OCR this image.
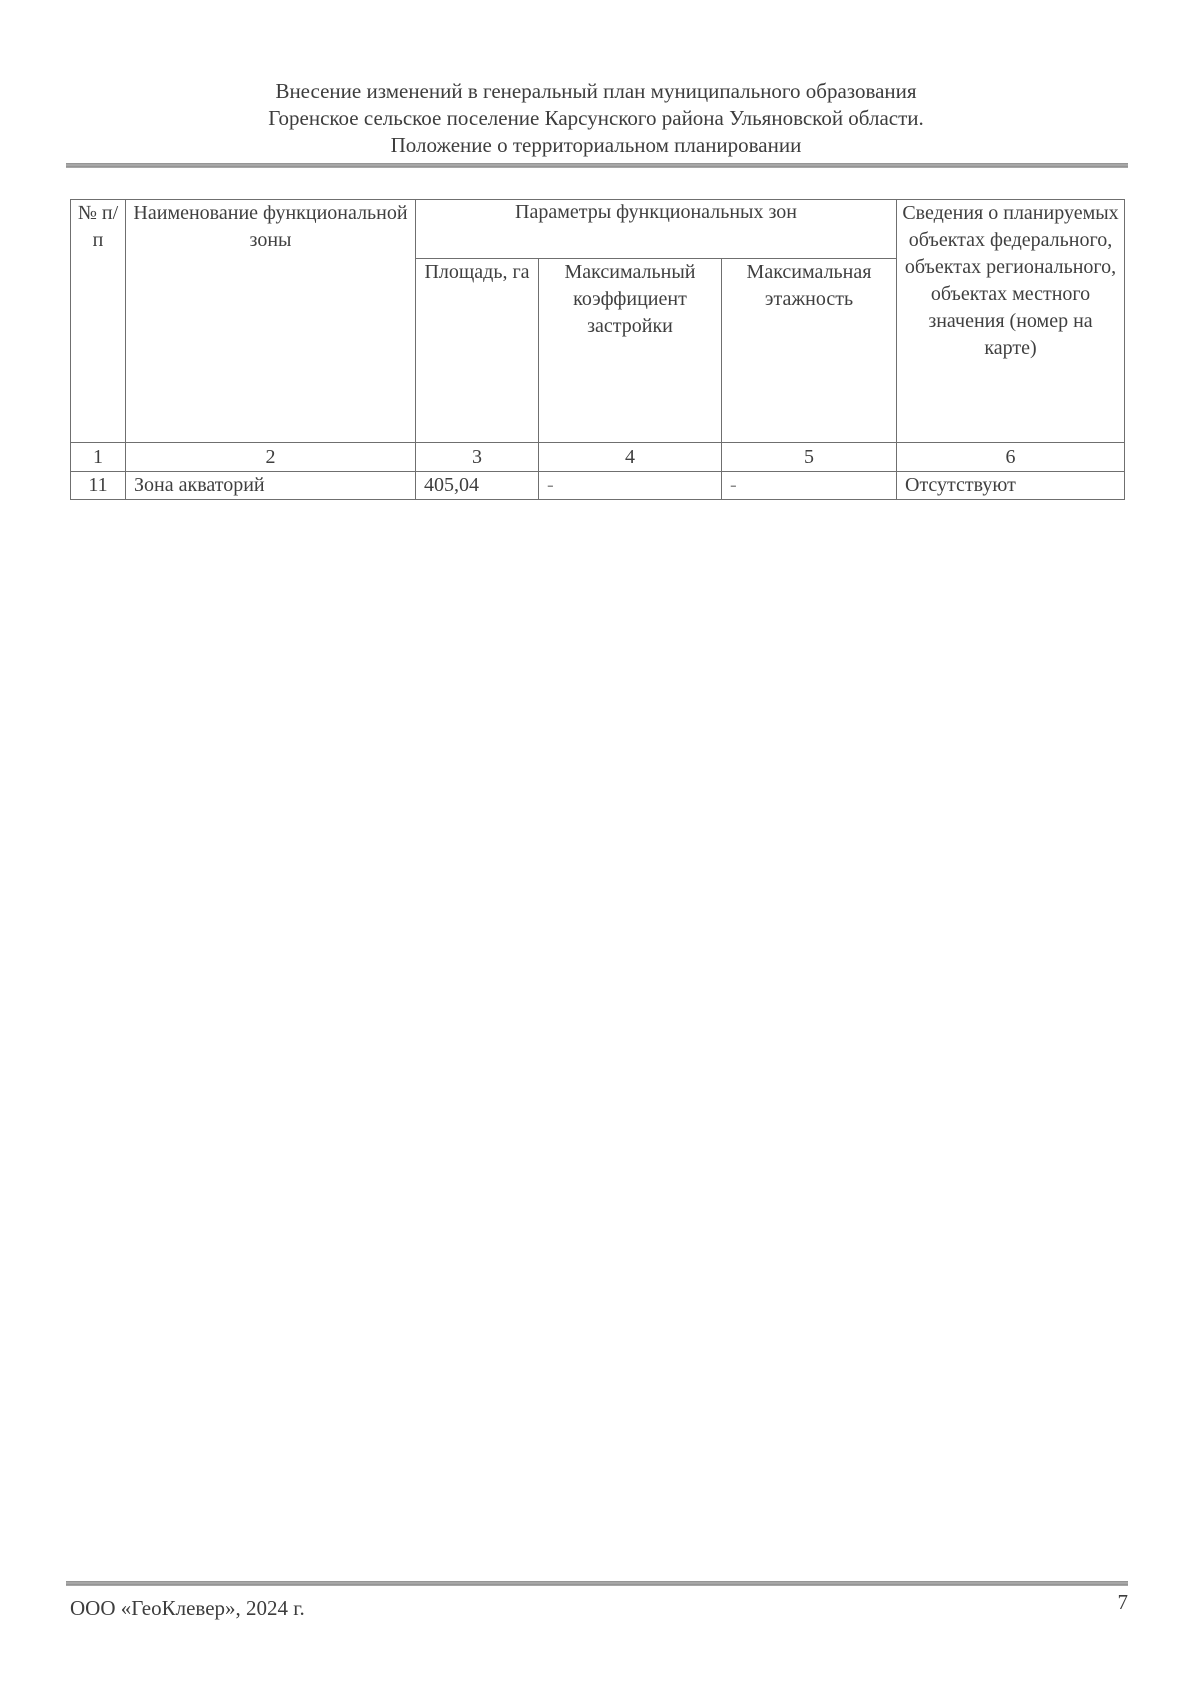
Внесение изменений в генеральный план муниципального образования
Горенское сельское поселение Карсунского района Ульяновской области.
Положение о территориальном планировании
№ п/п	Наименование функциональной зоны	Параметры функциональных зон			Сведения о планируемых объектах федерального, объектах регионального, объектах местного значения (номер на карте)
		Площадь, га	Максимальный коэффициент застройки	Максимальная этажность	
1	2	3	4	5	6
11	Зона акваторий	405,04	-	-	Отсутствуют
ООО «ГеоКлевер», 2024 г.	7
